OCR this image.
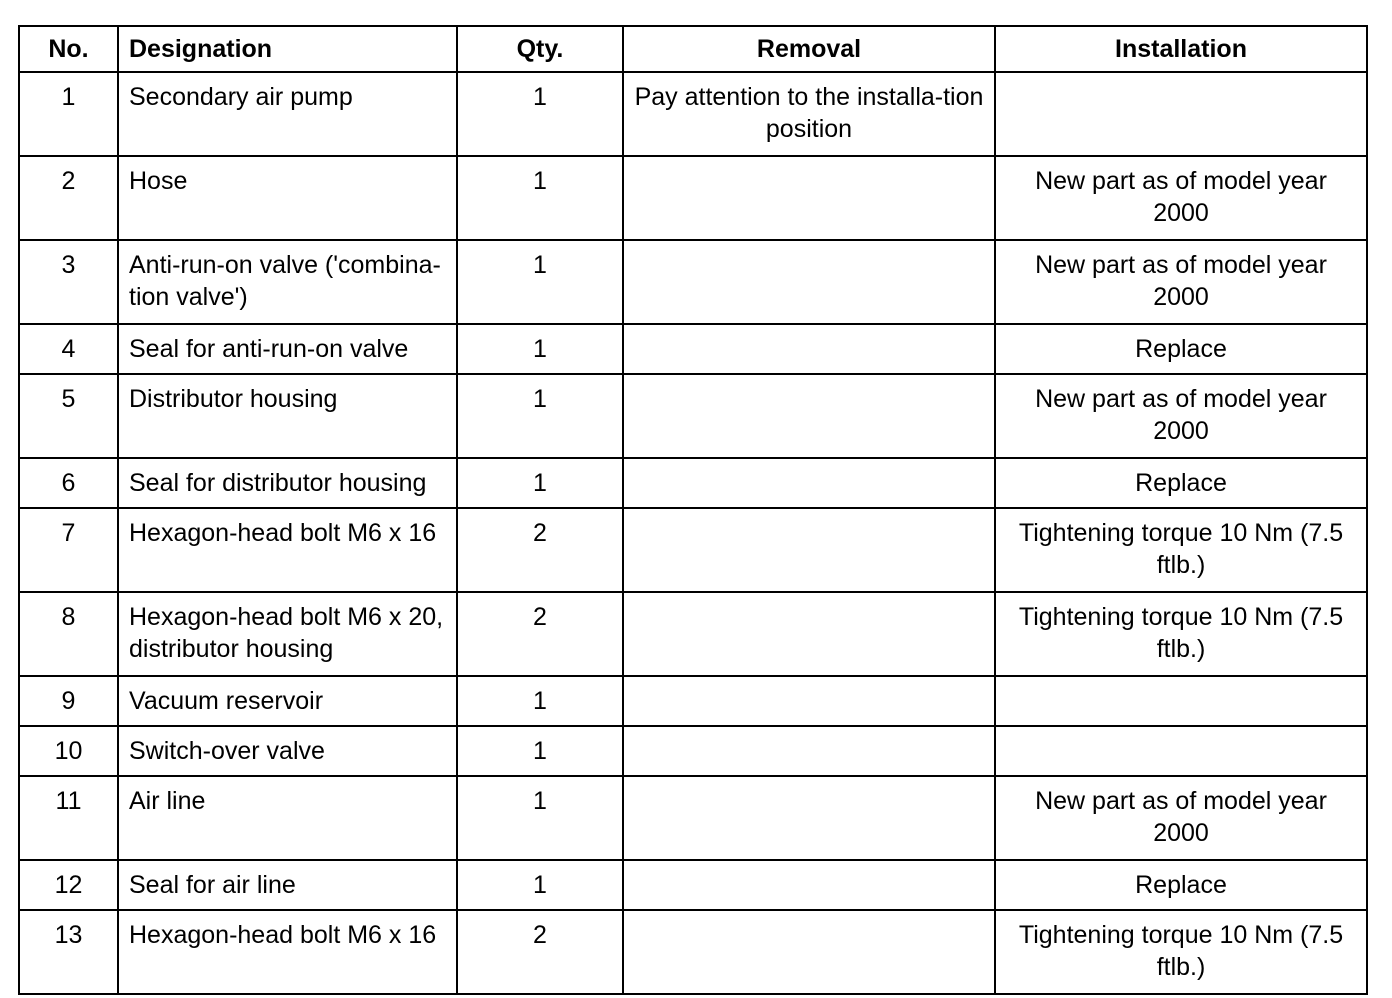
No.	Designation	Qty.	Removal	Installation
1	Secondary air pump	1	Pay attention to the installa-tion position	
2	Hose	1		New part as of model year 2000
3	Anti-run-on valve ('combina-tion valve')	1		New part as of model year 2000
4	Seal for anti-run-on valve	1		Replace
5	Distributor housing	1		New part as of model year 2000
6	Seal for distributor housing	1		Replace
7	Hexagon-head bolt M6 x 16	2		Tightening torque 10 Nm (7.5 ftlb.)
8	Hexagon-head bolt M6 x 20, distributor housing	2		Tightening torque 10 Nm (7.5 ftlb.)
9	Vacuum reservoir	1		
10	Switch-over valve	1		
11	Air line	1		New part as of model year 2000
12	Seal for air line	1		Replace
13	Hexagon-head bolt M6 x 16	2		Tightening torque 10 Nm (7.5 ftlb.)
